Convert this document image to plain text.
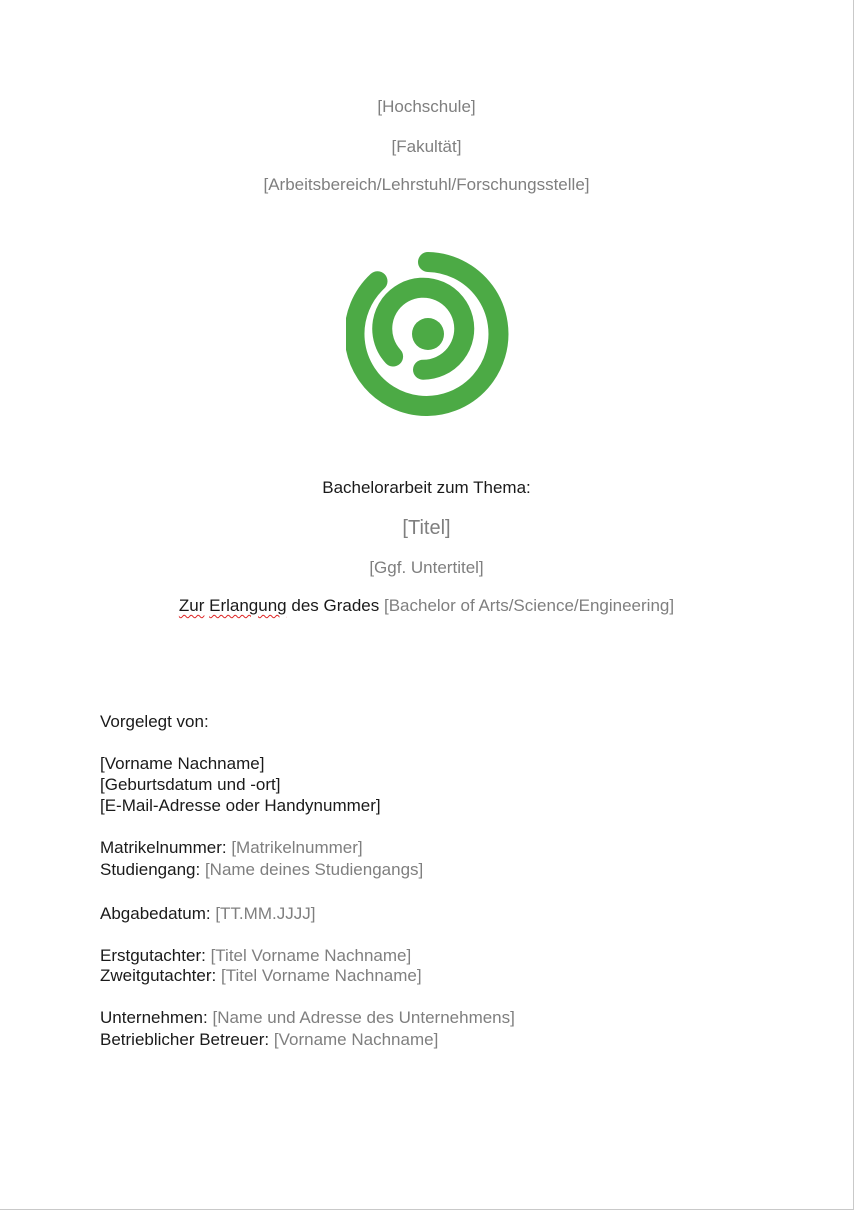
[Hochschule]
[Fakultät]
[Arbeitsbereich/Lehrstuhl/Forschungsstelle]
Bachelorarbeit zum Thema:
[Titel]
[Ggf. Untertitel]
Zur Erlangung des Grades [Bachelor of Arts/Science/Engineering]
Vorgelegt von:
[Vorname Nachname]
[Geburtsdatum und -ort]
[E-Mail-Adresse oder Handynummer]
Matrikelnummer: [Matrikelnummer]
Studiengang: [Name deines Studiengangs]
Abgabedatum: [TT.MM.JJJJ]
Erstgutachter: [Titel Vorname Nachname]
Zweitgutachter: [Titel Vorname Nachname]
Unternehmen: [Name und Adresse des Unternehmens]
Betrieblicher Betreuer: [Vorname Nachname]
